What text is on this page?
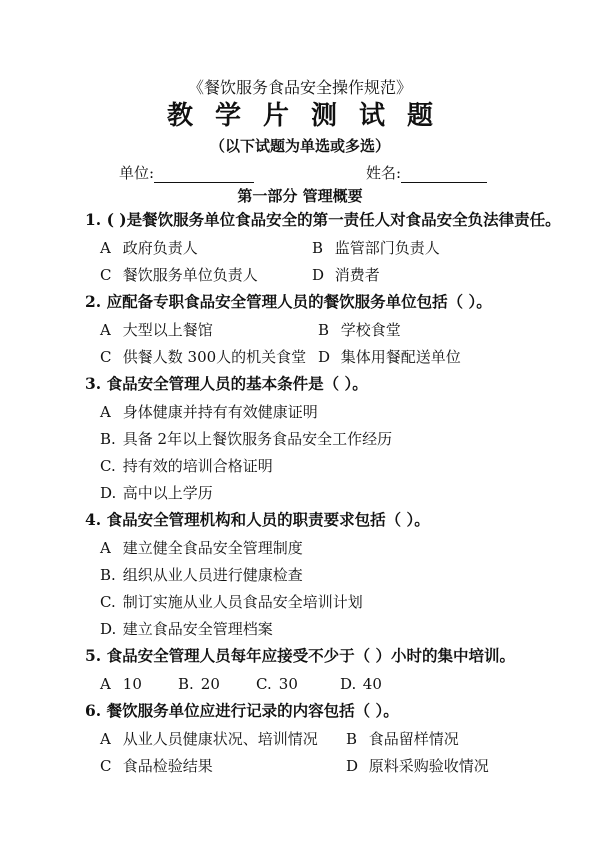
《餐饮服务食品安全操作规范》
教学片测试题
（以下试题为单选或多选）
单位:	姓名:
第一部分 管理概要
1. ( )是餐饮服务单位食品安全的第一责任人对食品安全负法律责任。
A 政府负责人	B 监管部门负责人
C 餐饮服务单位负责人	D 消费者
2. 应配备专职食品安全管理人员的餐饮服务单位包括（ ）。
A 大型以上餐馆	B 学校食堂
C 供餐人数 300人的机关食堂 D 集体用餐配送单位
3. 食品安全管理人员的基本条件是（ ）。
A 身体健康并持有有效健康证明
B. 具备 2年以上餐饮服务食品安全工作经历
C. 持有效的培训合格证明
D. 高中以上学历
4. 食品安全管理机构和人员的职责要求包括（ ）。
A 建立健全食品安全管理制度
B. 组织从业人员进行健康检查
C. 制订实施从业人员食品安全培训计划
D. 建立食品安全管理档案
5. 食品安全管理人员每年应接受不少于（ ）小时的集中培训。
A 10 B. 20 C. 30	D. 40
6. 餐饮服务单位应进行记录的内容包括（ ）。
A 从业人员健康状况、培训情况 B 食品留样情况
C 食品检验结果	D 原料采购验收情况
